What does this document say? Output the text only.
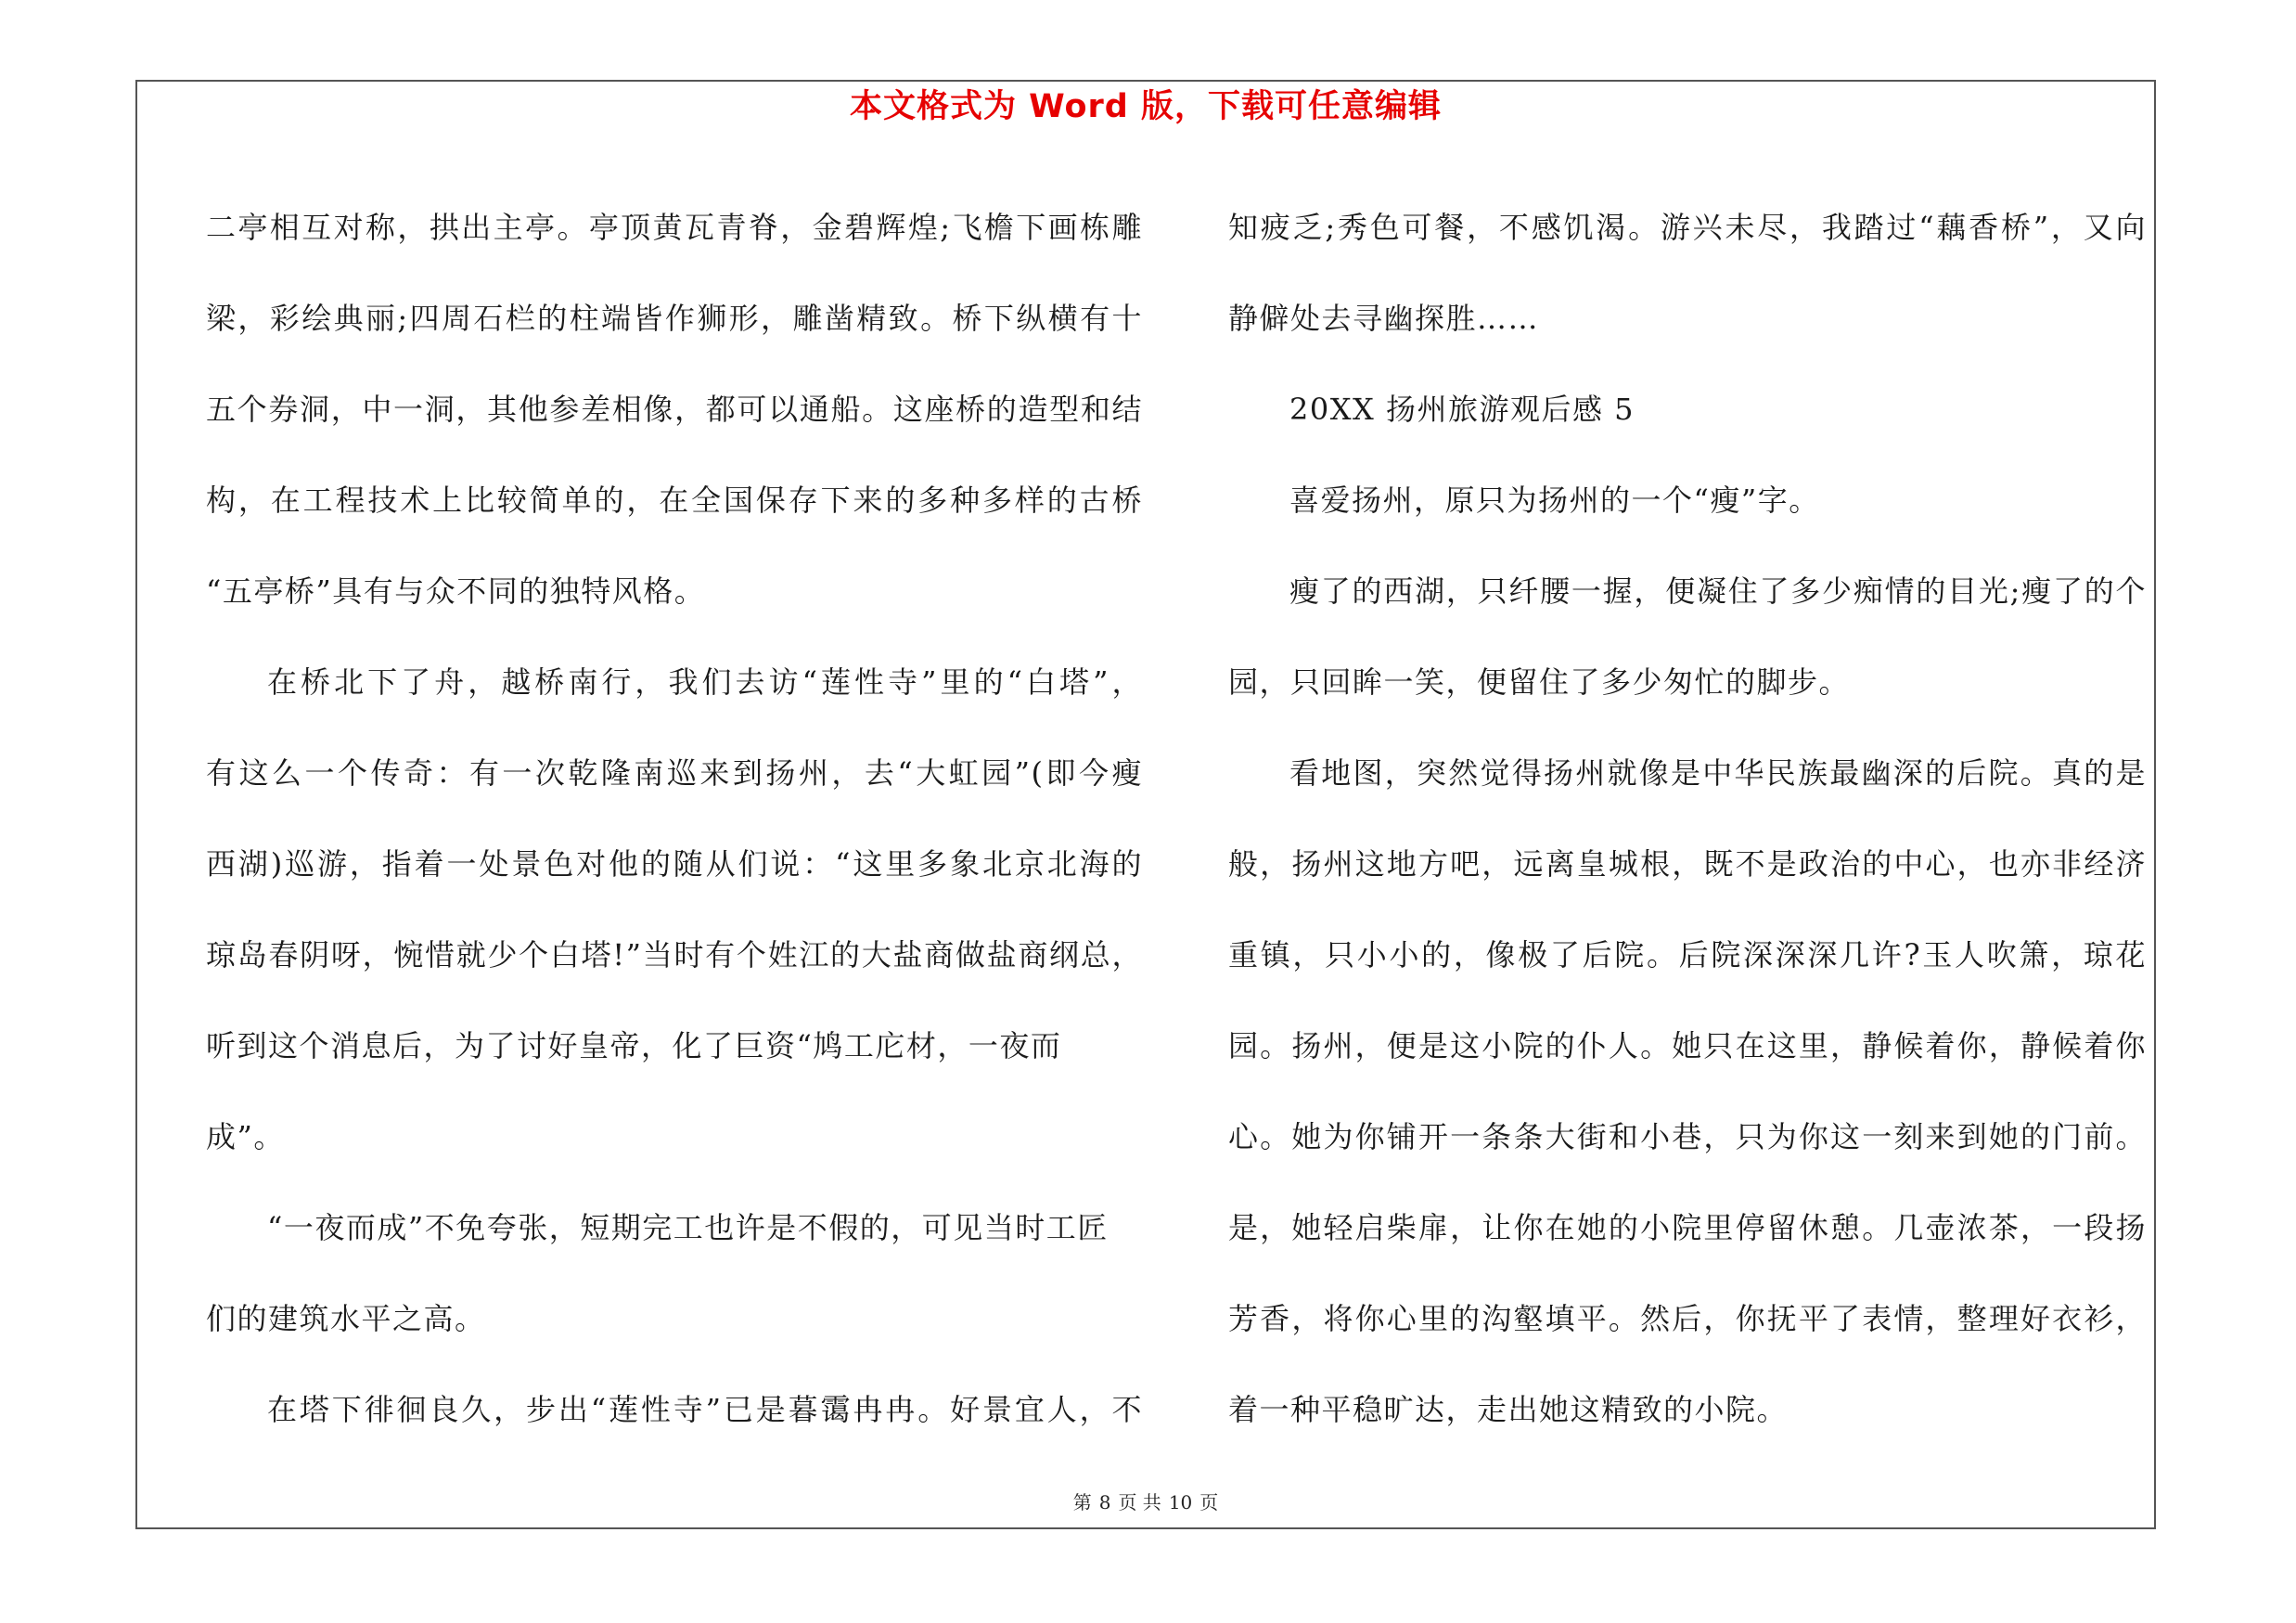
本文格式为 Word 版，下载可任意编辑
二亭相互对称，拱出主亭。亭顶黄瓦青脊，金碧辉煌;飞檐下画栋雕
梁，彩绘典丽;四周石栏的柱端皆作狮形，雕凿精致。桥下纵横有十
五个券洞，中一洞，其他参差相像，都可以通船。这座桥的造型和结
构，在工程技术上比较简单的，在全国保存下来的多种多样的古桥
“五亭桥”具有与众不同的独特风格。
在桥北下了舟，越桥南行，我们去访“莲性寺”里的“白塔”，
有这么一个传奇：有一次乾隆南巡来到扬州，去“大虹园”(即今瘦
西湖)巡游，指着一处景色对他的随从们说：“这里多象北京北海的
琼岛春阴呀，惋惜就少个白塔!”当时有个姓江的大盐商做盐商纲总，
听到这个消息后，为了讨好皇帝，化了巨资“鸠工庀材，一夜而
成”。
“一夜而成”不免夸张，短期完工也许是不假的，可见当时工匠
们的建筑水平之高。
在塔下徘徊良久，步出“莲性寺”已是暮霭冉冉。好景宜人，不
知疲乏;秀色可餐，不感饥渴。游兴未尽，我踏过“藕香桥”，又向
静僻处去寻幽探胜……
20XX 扬州旅游观后感 5
喜爱扬州，原只为扬州的一个“瘦”字。
瘦了的西湖，只纤腰一握，便凝住了多少痴情的目光;瘦了的个
园，只回眸一笑，便留住了多少匆忙的脚步。
看地图，突然觉得扬州就像是中华民族最幽深的后院。真的是
般，扬州这地方吧，远离皇城根，既不是政治的中心，也亦非经济
重镇，只小小的，像极了后院。后院深深深几许?玉人吹箫，琼花
园。扬州，便是这小院的仆人。她只在这里，静候着你，静候着你
心。她为你铺开一条条大街和小巷，只为你这一刻来到她的门前。
是，她轻启柴扉，让你在她的小院里停留休憩。几壶浓茶，一段扬
芳香，将你心里的沟壑填平。然后，你抚平了表情，整理好衣衫，
着一种平稳旷达，走出她这精致的小院。
第 8 页 共 10 页
